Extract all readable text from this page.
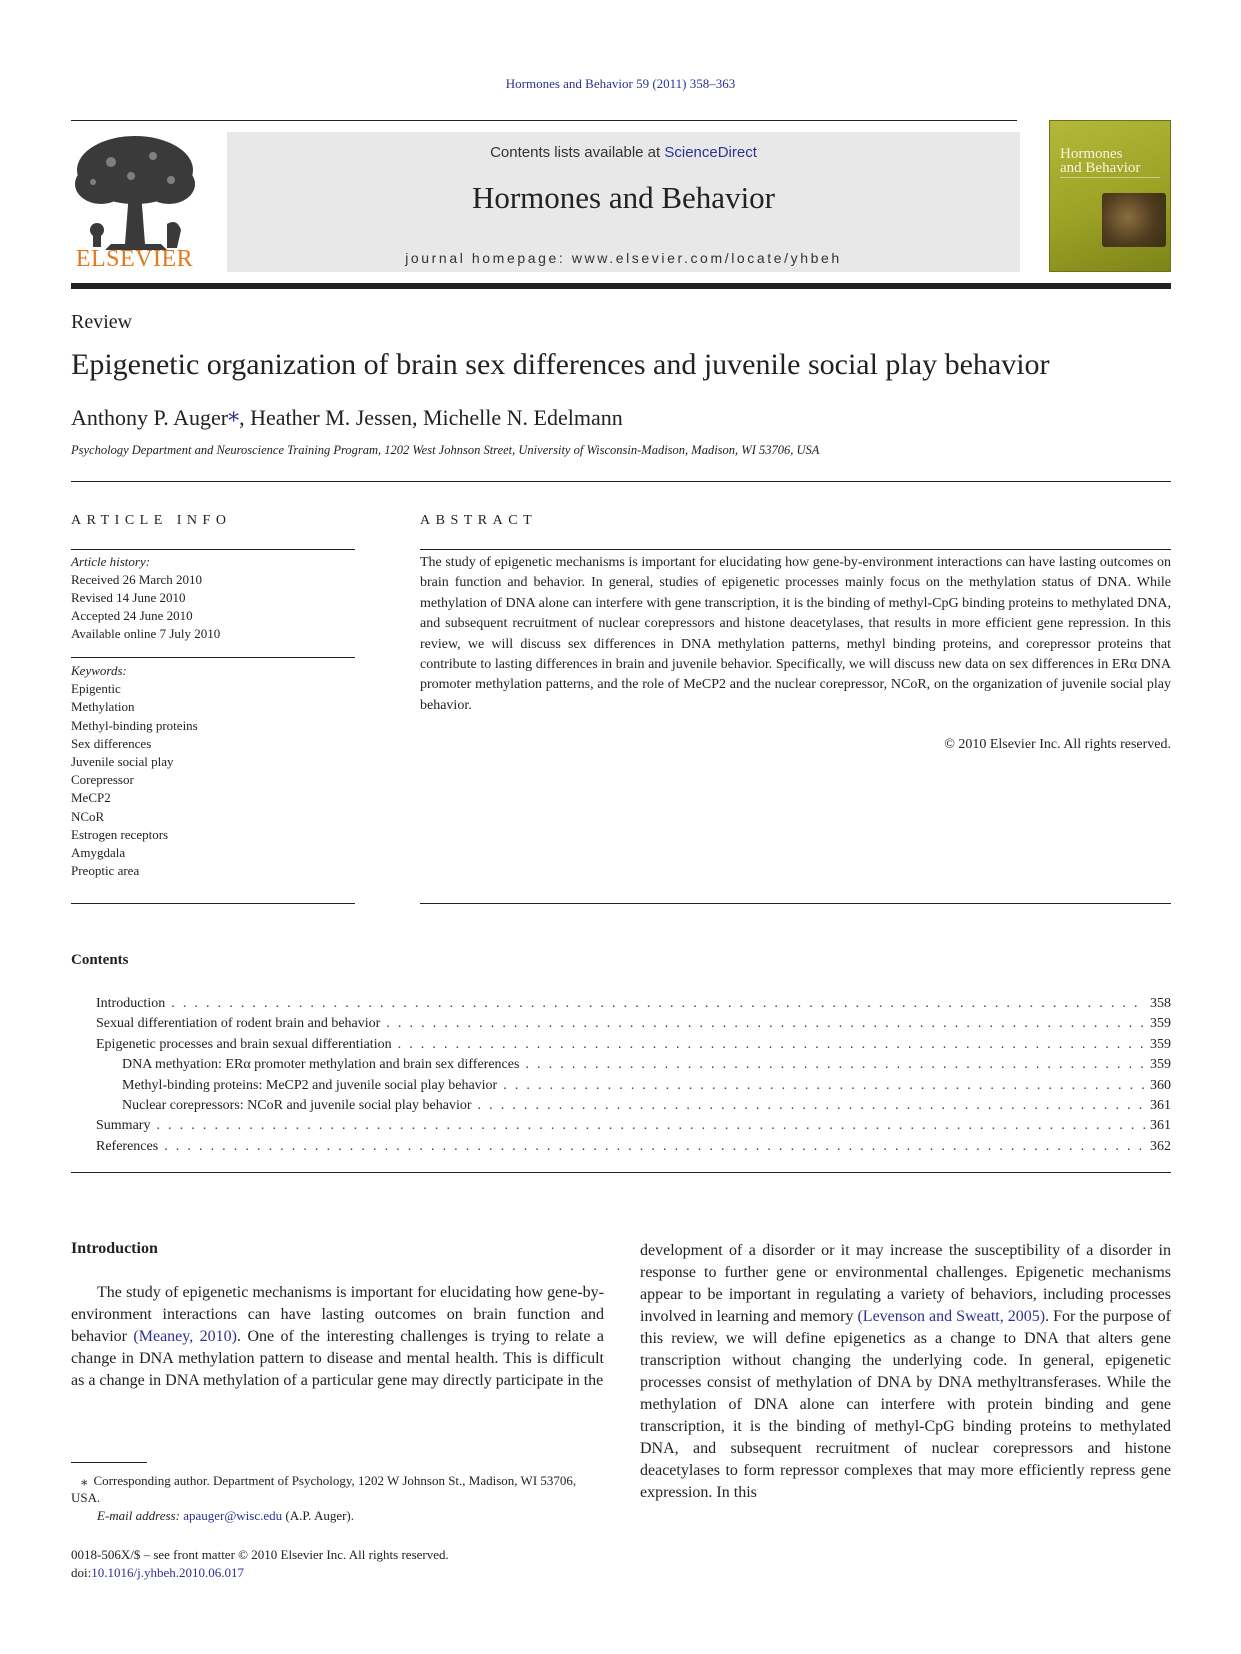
Hormones and Behavior 59 (2011) 358–363
ELSEVIER
Contents lists available at ScienceDirect
Hormones and Behavior
journal homepage: www.elsevier.com/locate/yhbeh
Hormones
and Behavior
Review
Epigenetic organization of brain sex differences and juvenile social play behavior
Anthony P. Auger⁎, Heather M. Jessen, Michelle N. Edelmann
Psychology Department and Neuroscience Training Program, 1202 West Johnson Street, University of Wisconsin-Madison, Madison, WI 53706, USA
ARTICLE INFO
Article history:
Received 26 March 2010
Revised 14 June 2010
Accepted 24 June 2010
Available online 7 July 2010
Keywords:
Epigentic
Methylation
Methyl-binding proteins
Sex differences
Juvenile social play
Corepressor
MeCP2
NCoR
Estrogen receptors
Amygdala
Preoptic area
ABSTRACT

The study of epigenetic mechanisms is important for elucidating how gene-by-environment interactions can have lasting outcomes on brain function and behavior. In general, studies of epigenetic processes mainly focus on the methylation status of DNA. While methylation of DNA alone can interfere with gene transcription, it is the binding of methyl-CpG binding proteins to methylated DNA, and subsequent recruitment of nuclear corepressors and histone deacetylases, that results in more efficient gene repression. In this review, we will discuss sex differences in DNA methylation patterns, methyl binding proteins, and corepressor proteins that contribute to lasting differences in brain and juvenile behavior. Specifically, we will discuss new data on sex differences in ERα DNA promoter methylation patterns, and the role of MeCP2 and the nuclear corepressor, NCoR, on the organization of juvenile social play behavior.

© 2010 Elsevier Inc. All rights reserved.
Contents
Introduction . . .	358
Sexual differentiation of rodent brain and behavior . . .	359
Epigenetic processes and brain sexual differentiation . . .	359
DNA methyation: ERα promoter methylation and brain sex differences . . .	359
Methyl-binding proteins: MeCP2 and juvenile social play behavior . . .	360
Nuclear corepressors: NCoR and juvenile social play behavior . . .	361
Summary . . .	361
References . . .	362
Introduction

The study of epigenetic mechanisms is important for elucidating how gene-by-environment interactions can have lasting outcomes on brain function and behavior (Meaney, 2010). One of the interesting challenges is trying to relate a change in DNA methylation pattern to disease and mental health. This is difficult as a change in DNA methylation of a particular gene may directly participate in the

development of a disorder or it may increase the susceptibility of a disorder in response to further gene or environmental challenges. Epigenetic mechanisms appear to be important in regulating a variety of behaviors, including processes involved in learning and memory (Levenson and Sweatt, 2005). For the purpose of this review, we will define epigenetics as a change to DNA that alters gene transcription without changing the underlying code. In general, epigenetic processes consist of methylation of DNA by DNA methyltransferases. While the methylation of DNA alone can interfere with protein binding and gene transcription, it is the binding of methyl-CpG binding proteins to methylated DNA, and subsequent recruitment of nuclear corepressors and histone deacetylases to form repressor complexes that may more efficiently repress gene expression. In this

⁎ Corresponding author. Department of Psychology, 1202 W Johnson St., Madison, WI 53706, USA.

E-mail address: apauger@wisc.edu (A.P. Auger).
0018-506X/$ – see front matter © 2010 Elsevier Inc. All rights reserved.
doi:10.1016/j.yhbeh.2010.06.017
